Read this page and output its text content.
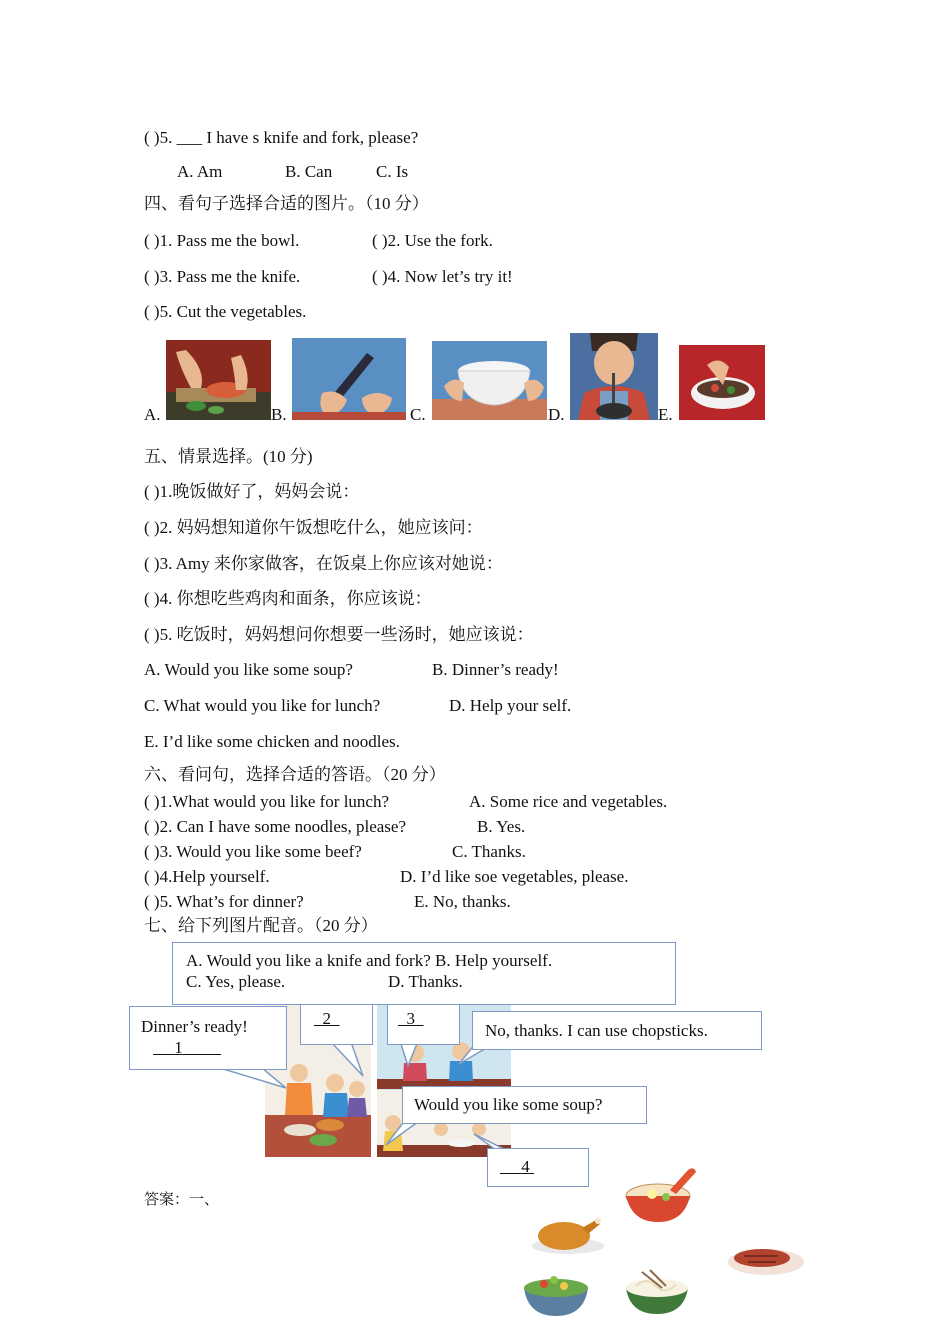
( )5. ___ I have s knife and fork, please?
A. Am	B. Can	C. Is
四、看句子选择合适的图片。（10 分）
( )1. Pass me the bowl.	( )2. Use the fork.
( )3. Pass me the knife.	( )4. Now let’s try it!
( )5. Cut the vegetables.
A.	B.	C.	D.	E.
五、情景选择。(10 分)
( )1.晚饭做好了，妈妈会说：
( )2. 妈妈想知道你午饭想吃什么，她应该问：
( )3. Amy 来你家做客，在饭桌上你应该对她说：
( )4. 你想吃些鸡肉和面条，你应该说：
( )5. 吃饭时，妈妈想问你想要一些汤时，她应该说：
A. Would you like some soup?	B. Dinner’s ready!
C. What would you like for lunch?	D. Help your self.
E. I’d like some chicken and noodles.
六、看问句，选择合适的答语。（20 分）
( )1.What would you like for lunch?	A. Some rice and vegetables.
( )2. Can I have some noodles, please?	B. Yes.
( )3. Would you like some beef?	C. Thanks.
( )4.Help yourself.	D. I’d like soe vegetables, please.
( )5. What’s for dinner?	E. No, thanks.
七、给下列图片配音。（20 分）
A. Would you like a knife and fork? B. Help yourself.
C. Yes, please.	D. Thanks.
Dinner’s ready!
1
2	3
No, thanks. I can use chopsticks.
Would you like some soup?
4
答案：一、
